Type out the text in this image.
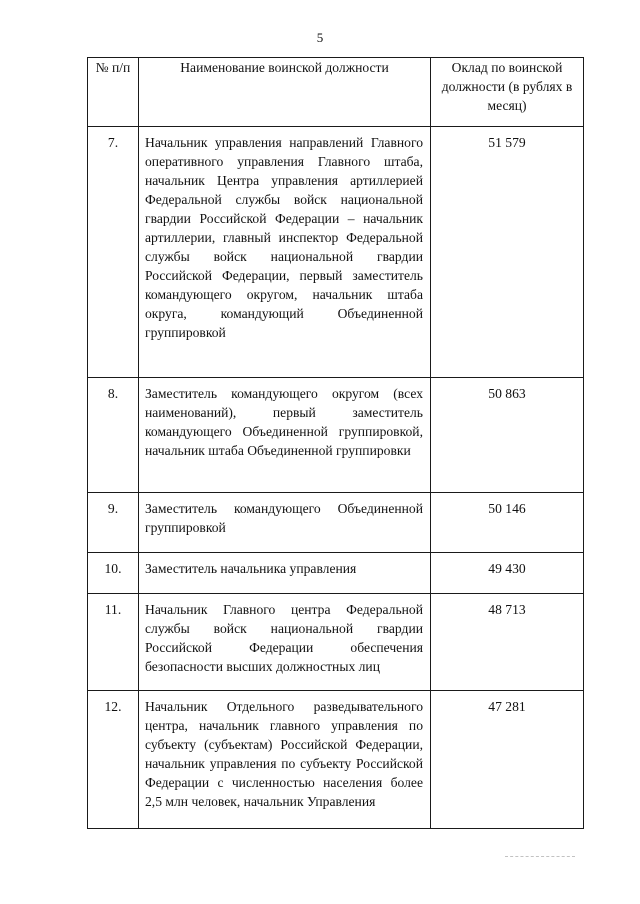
5
№ п/п	Наименование воинской должности	Оклад по воинской должности (в рублях в месяц)
7.	Начальник управления направлений Главного оперативного управления Главного штаба, начальник Центра управления артиллерией Федеральной службы войск национальной гвардии Российской Федерации – начальник артиллерии, главный инспектор Федеральной службы войск национальной гвардии Российской Федерации, первый заместитель командующего округом, начальник штаба округа, командующий Объединенной группировкой	51 579
8.	Заместитель командующего округом (всех наименований), первый заместитель командующего Объединенной группировкой, начальник штаба Объединенной группировки	50 863
9.	Заместитель командующего Объединенной группировкой	50 146
10.	Заместитель начальника управления	49 430
11.	Начальник Главного центра Федеральной службы войск национальной гвардии Российской Федерации обеспечения безопасности высших должностных лиц	48 713
12.	Начальник Отдельного разведывательного центра, начальник главного управления по субъекту (субъектам) Российской Федерации, начальник управления по субъекту Российской Федерации с численностью населения более 2,5 млн человек, начальник Управления	47 281
